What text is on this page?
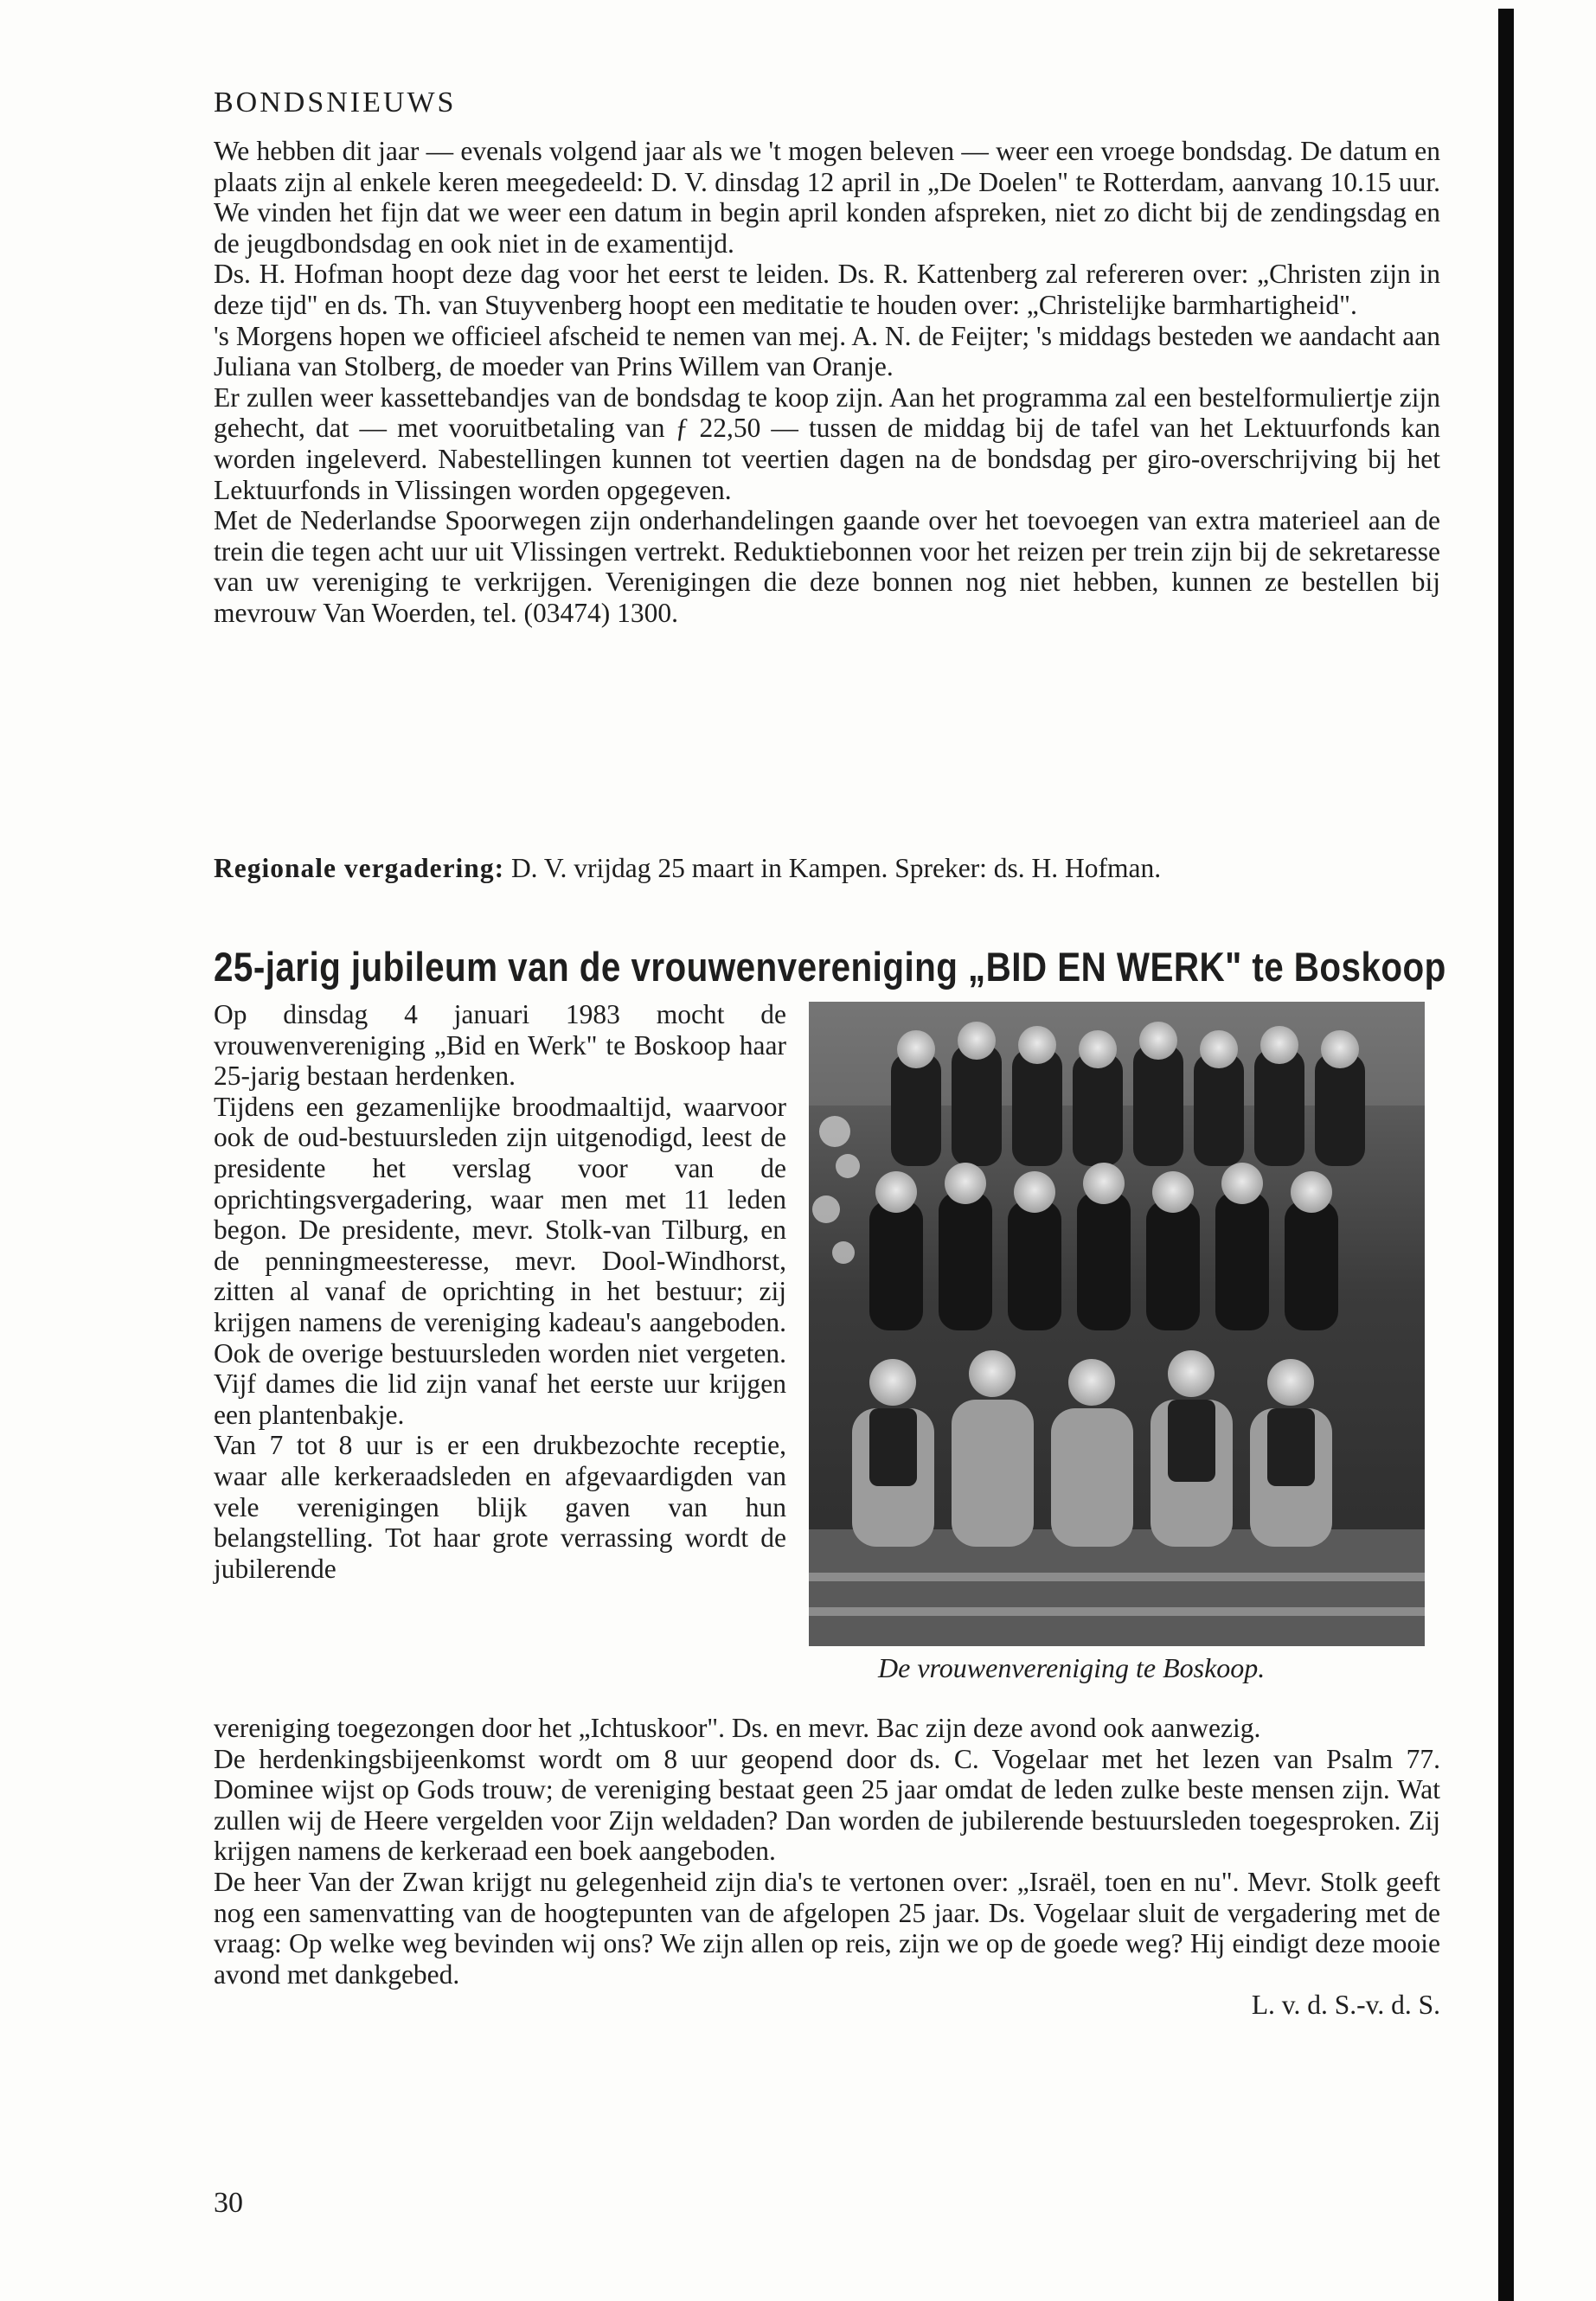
BONDSNIEUWS

We hebben dit jaar — evenals volgend jaar als we 't mogen beleven — weer een vroege bondsdag. De datum en plaats zijn al enkele keren meegedeeld: D. V. dinsdag 12 april in „De Doelen" te Rotterdam, aanvang 10.15 uur. We vinden het fijn dat we weer een datum in begin april konden afspreken, niet zo dicht bij de zendingsdag en de jeugdbondsdag en ook niet in de examentijd.

Ds. H. Hofman hoopt deze dag voor het eerst te leiden. Ds. R. Kattenberg zal refereren over: „Christen zijn in deze tijd" en ds. Th. van Stuyvenberg hoopt een meditatie te houden over: „Christelijke barmhartigheid".

's Morgens hopen we officieel afscheid te nemen van mej. A. N. de Feijter; 's middags besteden we aandacht aan Juliana van Stolberg, de moeder van Prins Willem van Oranje.

Er zullen weer kassettebandjes van de bondsdag te koop zijn. Aan het programma zal een bestelformuliertje zijn gehecht, dat — met vooruitbetaling van ƒ 22,50 — tussen de middag bij de tafel van het Lektuurfonds kan worden ingeleverd. Nabestellingen kunnen tot veertien dagen na de bondsdag per giro-overschrijving bij het Lektuurfonds in Vlissingen worden opgegeven.

Met de Nederlandse Spoorwegen zijn onderhandelingen gaande over het toevoegen van extra materieel aan de trein die tegen acht uur uit Vlissingen vertrekt. Reduktiebonnen voor het reizen per trein zijn bij de sekretaresse van uw vereniging te verkrijgen. Verenigingen die deze bonnen nog niet hebben, kunnen ze bestellen bij mevrouw Van Woerden, tel. (03474) 1300.

Regionale vergadering: D. V. vrijdag 25 maart in Kampen. Spreker: ds. H. Hofman.

25-jarig jubileum van de vrouwenvereniging „BID EN WERK" te Boskoop

Op dinsdag 4 januari 1983 mocht de vrouwenvereniging „Bid en Werk" te Boskoop haar 25-jarig bestaan herdenken.

Tijdens een gezamenlijke broodmaaltijd, waarvoor ook de oud-bestuursleden zijn uitgenodigd, leest de presidente het verslag voor van de oprichtingsvergadering, waar men met 11 leden begon. De presidente, mevr. Stolk-van Tilburg, en de penningmeesteresse, mevr. Dool-Windhorst, zitten al vanaf de oprichting in het bestuur; zij krijgen namens de vereniging kadeau's aangeboden. Ook de overige bestuursleden worden niet vergeten. Vijf dames die lid zijn vanaf het eerste uur krijgen een plantenbakje.

Van 7 tot 8 uur is er een drukbezochte receptie, waar alle kerkeraadsleden en afgevaardigden van vele verenigingen blijk gaven van hun belangstelling. Tot haar grote verrassing wordt de jubilerende

De vrouwenvereniging te Boskoop.

vereniging toegezongen door het „Ichtuskoor". Ds. en mevr. Bac zijn deze avond ook aanwezig.

De herdenkingsbijeenkomst wordt om 8 uur geopend door ds. C. Vogelaar met het lezen van Psalm 77. Dominee wijst op Gods trouw; de vereniging bestaat geen 25 jaar omdat de leden zulke beste mensen zijn. Wat zullen wij de Heere vergelden voor Zijn weldaden? Dan worden de jubilerende bestuursleden toegesproken. Zij krijgen namens de kerkeraad een boek aangeboden.

De heer Van der Zwan krijgt nu gelegenheid zijn dia's te vertonen over: „Israël, toen en nu". Mevr. Stolk geeft nog een samenvatting van de hoogtepunten van de afgelopen 25 jaar. Ds. Vogelaar sluit de vergadering met de vraag: Op welke weg bevinden wij ons? We zijn allen op reis, zijn we op de goede weg? Hij eindigt deze mooie avond met dankgebed.

L. v. d. S.-v. d. S.

30
